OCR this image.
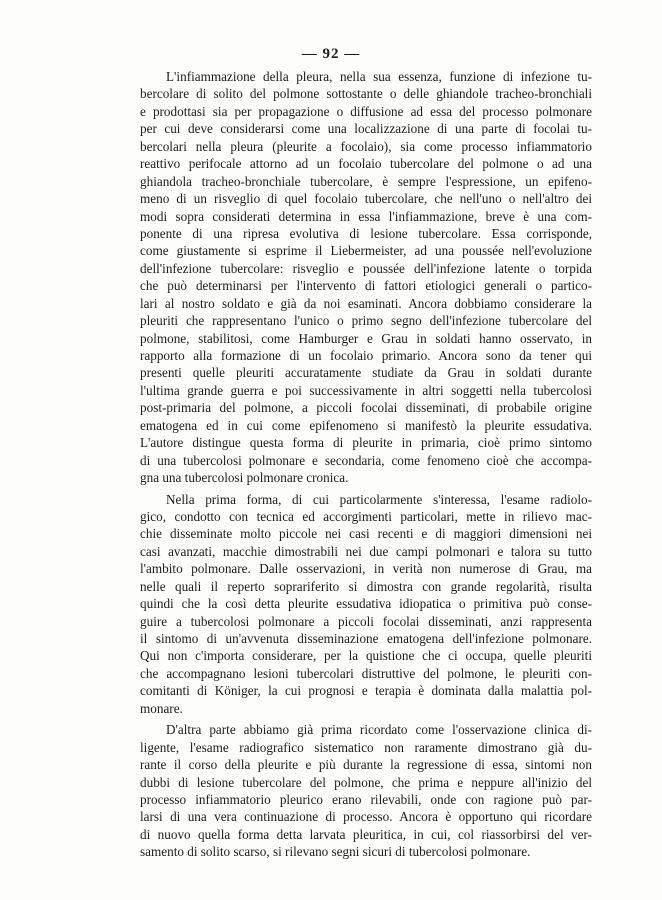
— 92 —
L'infiammazione della pleura, nella sua essenza, funzione di infezione tu-
bercolare di solito del polmone sottostante o delle ghiandole tracheo-bronchiali
e prodottasi sia per propagazione o diffusione ad essa del processo polmonare
per cui deve considerarsi come una localizzazione di una parte di focolai tu-
bercolari nella pleura (pleurite a focolaio), sia come processo infiammatorio
reattivo perifocale attorno ad un focolaio tubercolare del polmone o ad una
ghiandola tracheo-bronchiale tubercolare, è sempre l'espressione, un epifeno-
meno di un risveglio di quel focolaio tubercolare, che nell'uno o nell'altro dei
modi sopra considerati determina in essa l'infiammazione, breve è una com-
ponente di una ripresa evolutiva di lesione tubercolare. Essa corrisponde,
come giustamente si esprime il Liebermeister, ad una poussée nell'evoluzione
dell'infezione tubercolare: risveglio e poussée dell'infezione latente o torpida
che può determinarsi per l'intervento di fattori etiologici generali o partico-
lari al nostro soldato e già da noi esaminati. Ancora dobbiamo considerare la
pleuriti che rappresentano l'unico o primo segno dell'infezione tubercolare del
polmone, stabilitosi, come Hamburger e Grau in soldati hanno osservato, in
rapporto alla formazione di un focolaio primario. Ancora sono da tener qui
presenti quelle pleuriti accuratamente studiate da Grau in soldati durante
l'ultima grande guerra e poi successivamente in altri soggetti nella tubercolosi
post-primaria del polmone, a piccoli focolai disseminati, di probabile origine
ematogena ed in cui come epifenomeno si manifestò la pleurite essudativa.
L'autore distingue questa forma di pleurite in primaria, cioè primo sintomo
di una tubercolosi polmonare e secondaria, come fenomeno cioè che accompa-
gna una tubercolosi polmonare cronica.
Nella prima forma, di cui particolarmente s'interessa, l'esame radiolo-
gico, condotto con tecnica ed accorgimenti particolari, mette in rilievo mac-
chie disseminate molto piccole nei casi recenti e di maggiori dimensioni nei
casi avanzati, macchie dimostrabili nei due campi polmonari e talora su tutto
l'ambito polmonare. Dalle osservazioni, in verità non numerose di Grau, ma
nelle quali il reperto soprariferito si dimostra con grande regolarità, risulta
quindi che la così detta pleurite essudativa idiopatica o primitiva può conse-
guire a tubercolosi polmonare a piccoli focolai disseminati, anzi rappresenta
il sintomo di un'avvenuta disseminazione ematogena dell'infezione polmonare.
Qui non c'importa considerare, per la quistione che ci occupa, quelle pleuriti
che accompagnano lesioni tubercolari distruttive del polmone, le pleuriti con-
comitanti di Königer, la cui prognosi e terapia è dominata dalla malattia pol-
monare.
D'altra parte abbiamo già prima ricordato come l'osservazione clinica di-
ligente, l'esame radiografico sistematico non raramente dimostrano già du-
rante il corso della pleurite e più durante la regressione di essa, sintomi non
dubbi di lesione tubercolare del polmone, che prima e neppure all'inizio del
processo infiammatorio pleurico erano rilevabili, onde con ragione può par-
larsi di una vera continuazione di processo. Ancora è opportuno qui ricordare
di nuovo quella forma detta larvata pleuritica, in cui, col riassorbirsi del ver-
samento di solito scarso, si rilevano segni sicuri di tubercolosi polmonare.
